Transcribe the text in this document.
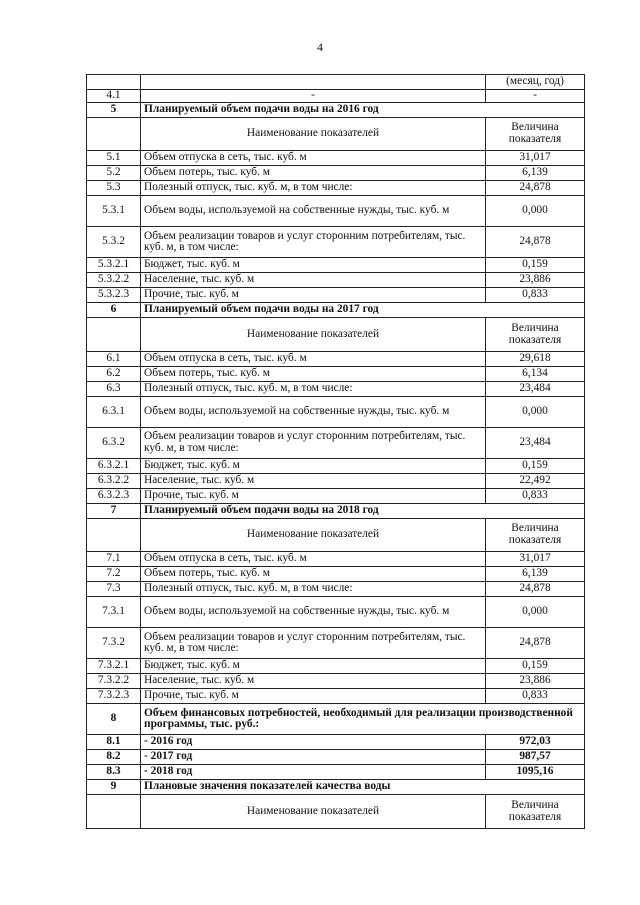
4
		(месяц, год)
4.1	-	-
5	Планируемый объем подачи воды на 2016 год	
	Наименование показателей	Величина показателя
5.1	Объем отпуска в сеть, тыс. куб. м	31,017
5.2	Объем потерь, тыс. куб. м	6,139
5.3	Полезный отпуск, тыс. куб. м, в том числе:	24,878
5.3.1	Объем воды, используемой на собственные нужды, тыс. куб. м	0,000
5.3.2	Объем реализации товаров и услуг сторонним потребителям, тыс. куб. м, в том числе:	24,878
5.3.2.1	Бюджет, тыс. куб. м	0,159
5.3.2.2	Население, тыс. куб. м	23,886
5.3.2.3	Прочие, тыс. куб. м	0,833
6	Планируемый объем подачи воды на 2017 год	
	Наименование показателей	Величина показателя
6.1	Объем отпуска в сеть, тыс. куб. м	29,618
6.2	Объем потерь, тыс. куб. м	6,134
6.3	Полезный отпуск, тыс. куб. м, в том числе:	23,484
6.3.1	Объем воды, используемой на собственные нужды, тыс. куб. м	0,000
6.3.2	Объем реализации товаров и услуг сторонним потребителям, тыс. куб. м, в том числе:	23,484
6.3.2.1	Бюджет, тыс. куб. м	0,159
6.3.2.2	Население, тыс. куб. м	22,492
6.3.2.3	Прочие, тыс. куб. м	0,833
7	Планируемый объем подачи воды на 2018 год	
	Наименование показателей	Величина показателя
7.1	Объем отпуска в сеть, тыс. куб. м	31,017
7.2	Объем потерь, тыс. куб. м	6,139
7.3	Полезный отпуск, тыс. куб. м, в том числе:	24,878
7.3.1	Объем воды, используемой на собственные нужды, тыс. куб. м	0,000
7.3.2	Объем реализации товаров и услуг сторонним потребителям, тыс. куб. м, в том числе:	24,878
7.3.2.1	Бюджет, тыс. куб. м	0,159
7.3.2.2	Население, тыс. куб. м	23,886
7.3.2.3	Прочие, тыс. куб. м	0,833
8	Объем финансовых потребностей, необходимый для реализации производственной программы, тыс. руб.:	
8.1	- 2016 год	972,03
8.2	- 2017 год	987,57
8.3	- 2018 год	1095,16
9	Плановые значения показателей качества воды	
	Наименование показателей	Величина показателя
